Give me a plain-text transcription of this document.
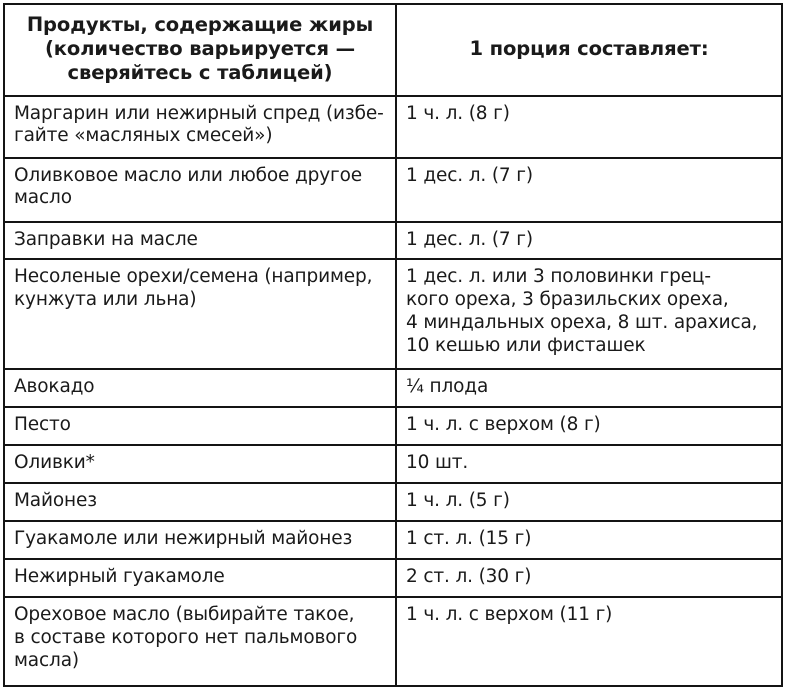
Продукты, содержащие жиры
(количество варьируется —
сверяйтесь с таблицей)	1 порция составляет:

Маргарин или нежирный спред (избе-
гайте «масляных смесей»)	1 ч. л. (8 г)

Оливковое масло или любое другое
масло	1 дес. л. (7 г)

Заправки на масле	1 дес. л. (7 г)

Несоленые орехи/семена (например,
кунжута или льна)	1 дес. л. или 3 половинки грец-
кого ореха, 3 бразильских ореха,
4 миндальных ореха, 8 шт. арахиса,
10 кешью или фисташек

Авокадо	¼ плода

Песто	1 ч. л. с верхом (8 г)

Оливки*	10 шт.

Майонез	1 ч. л. (5 г)

Гуакамоле или нежирный майонез	1 ст. л. (15 г)

Нежирный гуакамоле	2 ст. л. (30 г)

Ореховое масло (выбирайте такое,
в составе которого нет пальмового
масла)	1 ч. л. с верхом (11 г)
